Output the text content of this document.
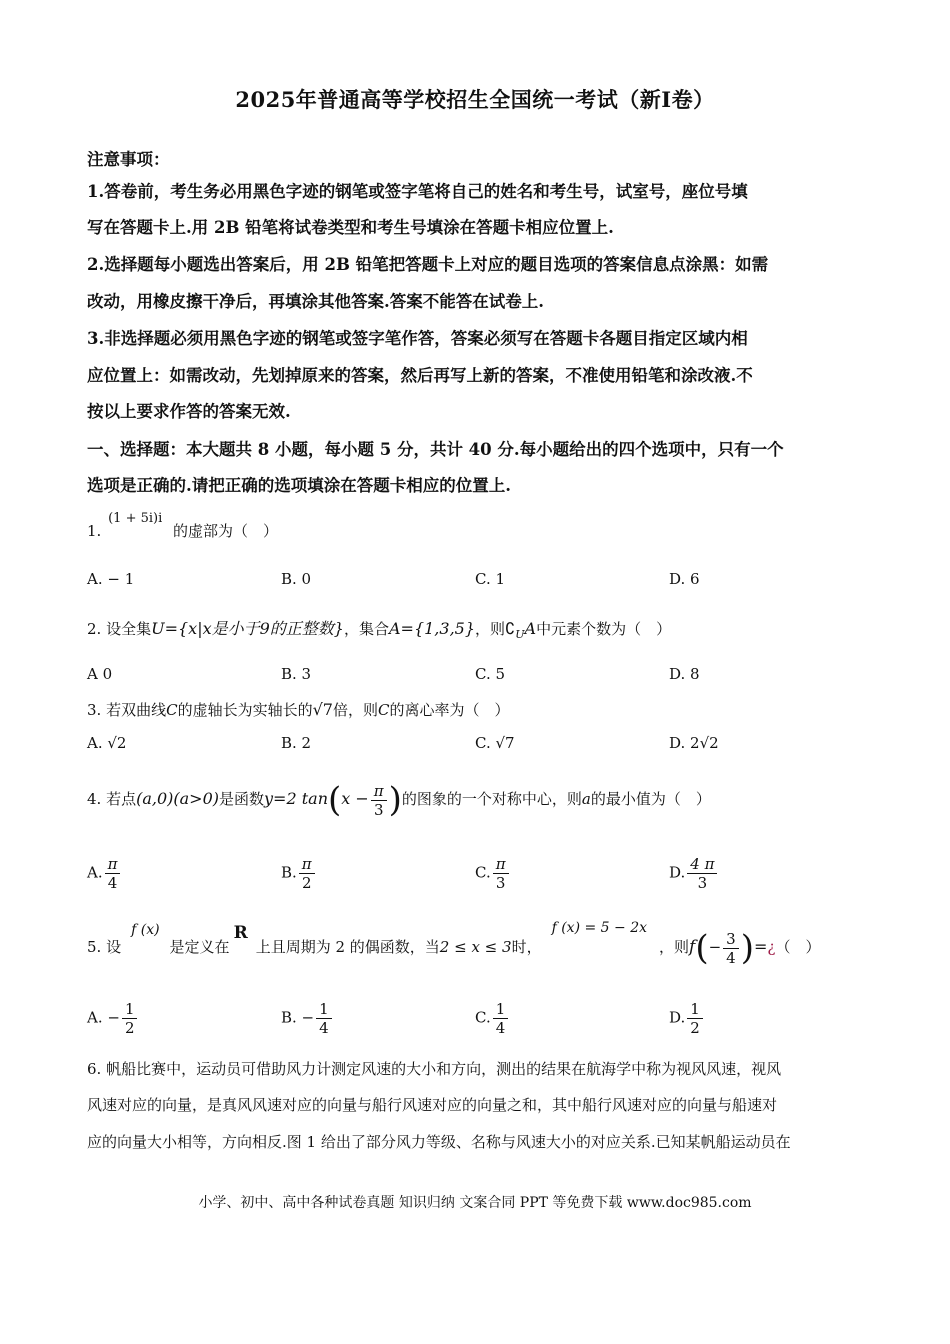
2025年普通高等学校招生全国统一考试（新Ⅰ卷）
注意事项：
1.答卷前，考生务必用黑色字迹的钢笔或签字笔将自己的姓名和考生号，试室号，座位号填
写在答题卡上.用 2B 铅笔将试卷类型和考生号填涂在答题卡相应位置上.
2.选择题每小题选出答案后，用 2B 铅笔把答题卡上对应的题目选项的答案信息点涂黑：如需
改动，用橡皮擦干净后，再填涂其他答案.答案不能答在试卷上.
3.非选择题必须用黑色字迹的钢笔或签字笔作答，答案必须写在答题卡各题目指定区域内相
应位置上：如需改动，先划掉原来的答案，然后再写上新的答案，不准使用铅笔和涂改液.不
按以上要求作答的答案无效.
一、选择题：本大题共 8 小题，每小题 5 分，共计 40 分.每小题给出的四个选项中，只有一个
选项是正确的.请把正确的选项填涂在答题卡相应的位置上.
1. (1 + 5i)i 的虚部为（　）
A. − 1	B. 0	C. 1	D. 6
2. 设全集U={x|x是小于9的正整数}，集合A={1,3,5}，则$∁_UA$中元素个数为（　）
A 0	B. 3	C. 5	D. 8
3. 若双曲线C的虚轴长为实轴长的√7倍，则C的离心率为（　）
A. √2	B. 2	C. √7	D. 2√2
4. 若点(a,0)(a>0)是函数y=2 $\tan(x - \frac{\pi}{3}$ )的图象的一个对称中心，则a的最小值为（　）
A. $\frac{\pi}{4}$	B. $\frac{\pi}{2}$	C. $\frac{\pi}{3}$	D. $\frac{4 \pi}{3}$
5. 设f (x)是定义在R上且周期为 2 的偶函数，当2 ≤ x ≤ 3时，f (x) = 5 − 2x，则$f(- \frac{3}{4}$ )=¿（　）
A. − $\frac{1}{2}$	B. − $\frac{1}{4}$	C. $\frac{1}{4}$	D. $\frac{1}{2}$
6. 帆船比赛中，运动员可借助风力计测定风速的大小和方向，测出的结果在航海学中称为视风风速，视风
风速对应的向量，是真风风速对应的向量与船行风速对应的向量之和，其中船行风速对应的向量与船速对
应的向量大小相等，方向相反.图 1 给出了部分风力等级、名称与风速大小的对应关系.已知某帆船运动员在
小学、初中、高中各种试卷真题 知识归纳 文案合同 PPT 等免费下载 www.doc985.com
